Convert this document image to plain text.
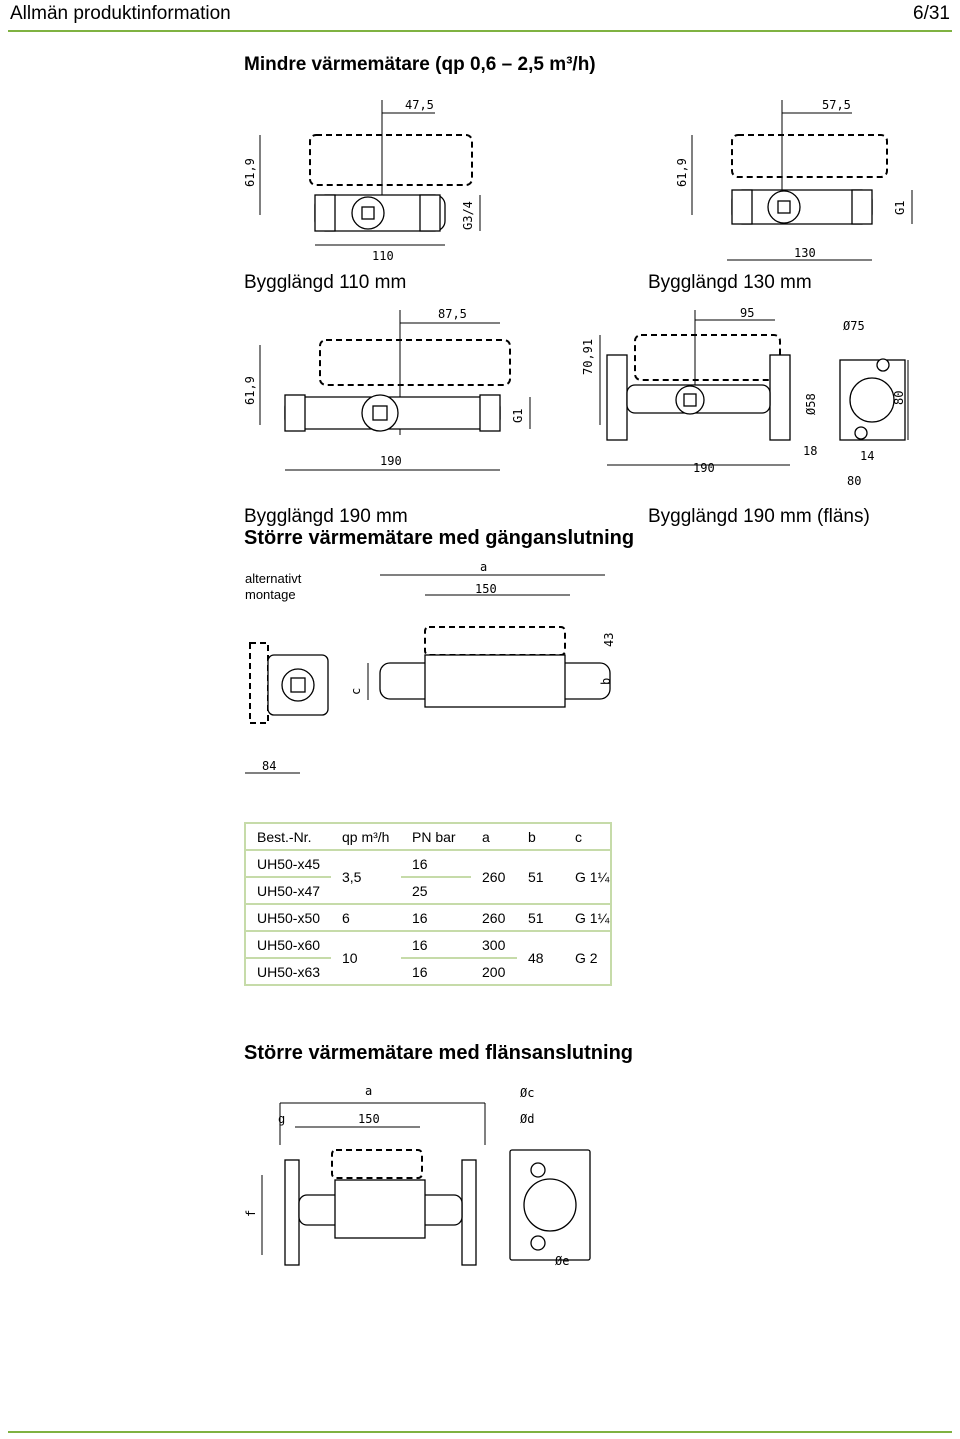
Allmän produktinformation	6/31
Mindre värmemätare (qp 0,6 – 2,5 m³/h)
47,5
61,9
G3/4
110
57,5
61,9
G1
130
Bygglängd 110 mm	Bygglängd 130 mm
87,5
61,9
G1
190
95
70,91
Ø58
18
190
Ø75
80
14
80
Bygglängd 190 mm	Bygglängd 190 mm (fläns)
Större värmemätare med gänganslutning
alternativt
montage
a
150
43
c
b
84
Best.-Nr.	qp m³/h	PN bar	a	b	c
UH50-x45	3,5	16	260	51	G 1¼
UH50-x47		25			
UH50-x50	6	16	260	51	G 1¼
UH50-x60	10	16	300	48	G 2
UH50-x63		16	200		
Större värmemätare med flänsanslutning
a
g	150
f
Øc
Ød
Øe
